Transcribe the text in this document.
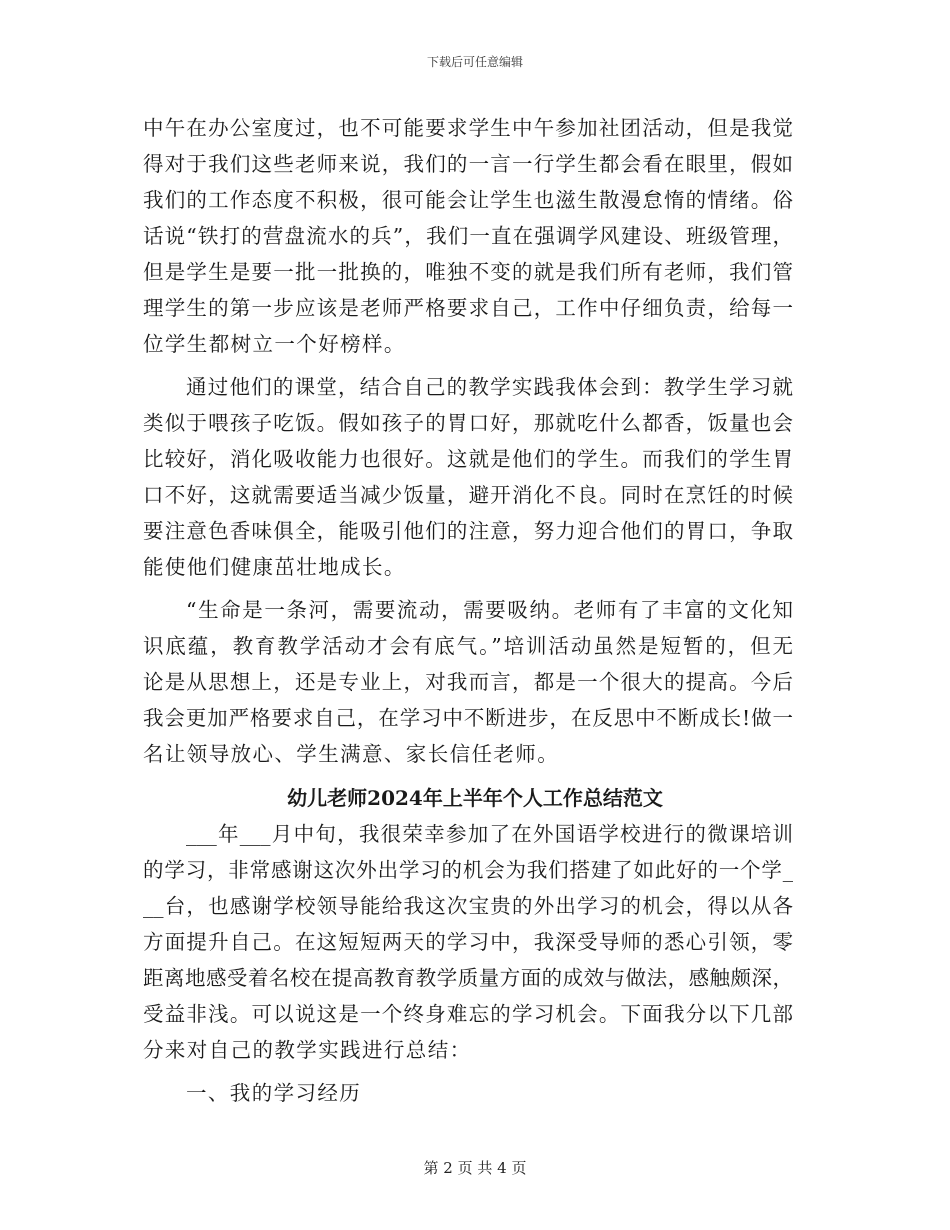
下载后可任意编辑
中午在办公室度过，也不可能要求学生中午参加社团活动，但是我觉
得对于我们这些老师来说，我们的一言一行学生都会看在眼里，假如
我们的工作态度不积极，很可能会让学生也滋生散漫怠惰的情绪。俗
话说“铁打的营盘流水的兵”，我们一直在强调学风建设、班级管理，
但是学生是要一批一批换的，唯独不变的就是我们所有老师，我们管
理学生的第一步应该是老师严格要求自己，工作中仔细负责，给每一
位学生都树立一个好榜样。
通过他们的课堂，结合自己的教学实践我体会到：教学生学习就
类似于喂孩子吃饭。假如孩子的胃口好，那就吃什么都香，饭量也会
比较好，消化吸收能力也很好。这就是他们的学生。而我们的学生胃
口不好，这就需要适当减少饭量，避开消化不良。同时在烹饪的时候
要注意色香味俱全，能吸引他们的注意，努力迎合他们的胃口，争取
能使他们健康茁壮地成长。
“生命是一条河，需要流动，需要吸纳。老师有了丰富的文化知
识底蕴，教育教学活动才会有底气。”培训活动虽然是短暂的，但无
论是从思想上，还是专业上，对我而言，都是一个很大的提高。今后
我会更加严格要求自己，在学习中不断进步，在反思中不断成长!做一
名让领导放心、学生满意、家长信任老师。
幼儿老师2024年上半年个人工作总结范文
___年___月中旬，我很荣幸参加了在外国语学校进行的微课培训
的学习，非常感谢这次外出学习的机会为我们搭建了如此好的一个学_
__台，也感谢学校领导能给我这次宝贵的外出学习的机会，得以从各
方面提升自己。在这短短两天的学习中，我深受导师的悉心引领，零
距离地感受着名校在提高教育教学质量方面的成效与做法，感触颇深，
受益非浅。可以说这是一个终身难忘的学习机会。下面我分以下几部
分来对自己的教学实践进行总结：
一、我的学习经历
第 2 页 共 4 页
